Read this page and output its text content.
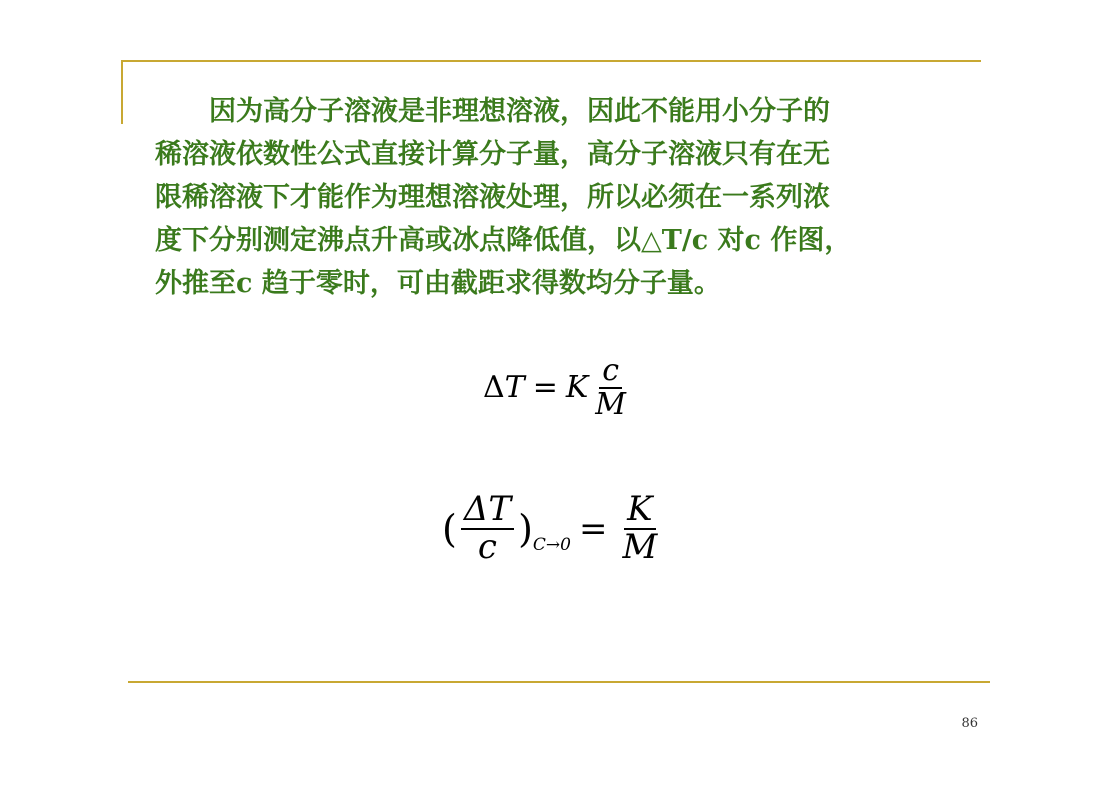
因为高分子溶液是非理想溶液，因此不能用小分子的
稀溶液依数性公式直接计算分子量，高分子溶液只有在无
限稀溶液下才能作为理想溶液处理，所以必须在一系列浓
度下分别测定沸点升高或冰点降低值，以△T/c 对c 作图，
外推至c 趋于零时，可由截距求得数均分子量。
Δ T = K $\frac{c}{M}$
( $\frac{\Delta T}{c}$ ) $C\to 0 = \frac{K}{M}$
86
